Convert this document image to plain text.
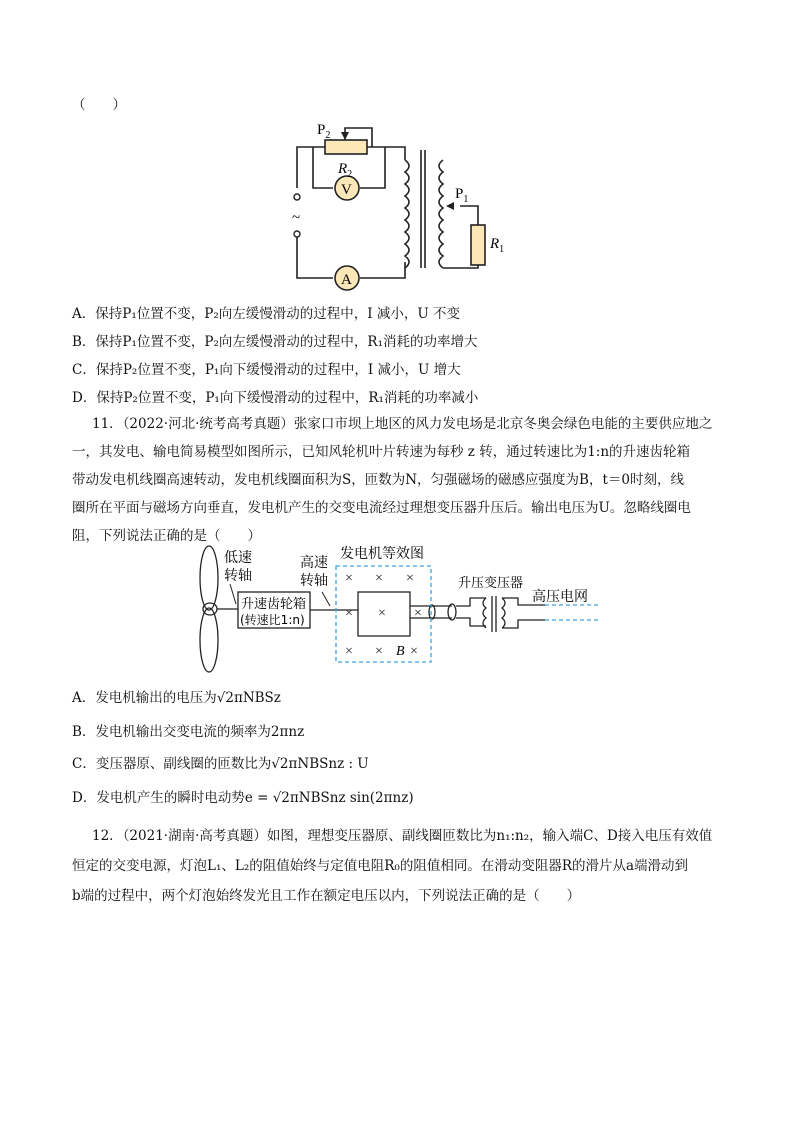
（　　）
$P_2$
$R_2$
V
A
~
$P_1$
$R_1$
A．保持P₁位置不变，P₂向左缓慢滑动的过程中，I 减小，U 不变
B．保持P₁位置不变，P₂向左缓慢滑动的过程中，R₁消耗的功率增大
C．保持P₂位置不变，P₁向下缓慢滑动的过程中，I 减小，U 增大
D．保持P₂位置不变，P₁向下缓慢滑动的过程中，R₁消耗的功率减小
11．（2022·河北·统考高考真题）张家口市坝上地区的风力发电场是北京冬奥会绿色电能的主要供应地之
一，其发电、输电简易模型如图所示，已知风轮机叶片转速为每秒 z 转，通过转速比为1:n的升速齿轮箱
带动发电机线圈高速转动，发电机线圈面积为S，匝数为N，匀强磁场的磁感应强度为B，t＝0时刻，线
圈所在平面与磁场方向垂直，发电机产生的交变电流经过理想变压器升压后。输出电压为U。忽略线圈电
阻，下列说法正确的是（　　）
× × ×
× × ×
× × ×
低速
转轴
高速
转轴
升速齿轮箱
(转速比1:n)
发电机等效图
B
升压变压器
高压电网
A．发电机输出的电压为√2πNBSz
B．发电机输出交变电流的频率为2πnz
C．变压器原、副线圈的匝数比为√2πNBSnz : U
D．发电机产生的瞬时电动势e = √2πNBSnz sin(2πnz)
12．（2021·湖南·高考真题）如图，理想变压器原、副线圈匝数比为n₁:n₂，输入端C、D接入电压有效值
恒定的交变电源，灯泡L₁、L₂的阻值始终与定值电阻R₀的阻值相同。在滑动变阻器R的滑片从a端滑动到
b端的过程中，两个灯泡始终发光且工作在额定电压以内，下列说法正确的是（　　）
